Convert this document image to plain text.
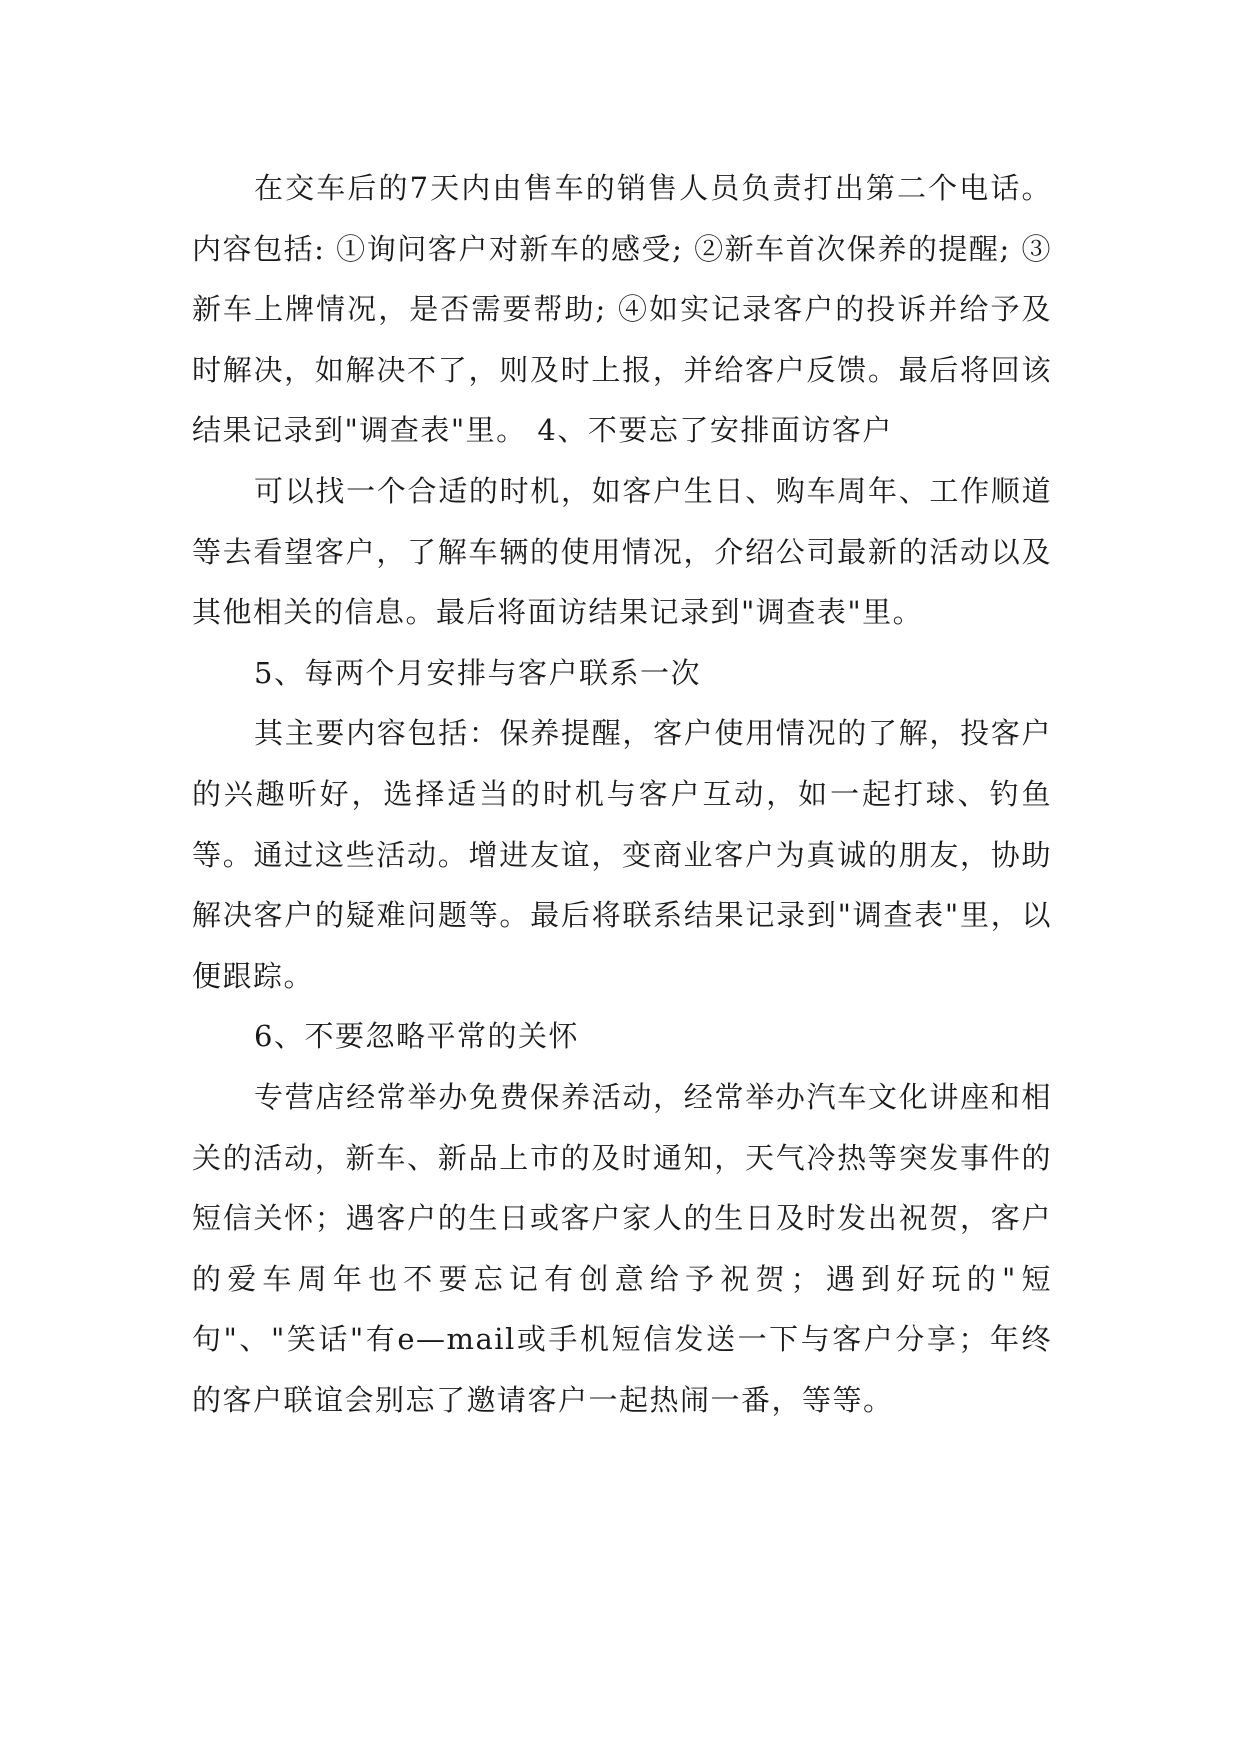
在交车后的7天内由售车的销售人员负责打出第二个电话。内容包括: ①询问客户对新车的感受; ②新车首次保养的提醒; ③新车上牌情况，是否需要帮助; ④如实记录客户的投诉并给予及时解决，如解决不了，则及时上报，并给客户反馈。最后将回该结果记录到"调查表"里。 4、不要忘了安排面访客户

可以找一个合适的时机，如客户生日、购车周年、工作顺道等去看望客户，了解车辆的使用情况，介绍公司最新的活动以及其他相关的信息。最后将面访结果记录到"调查表"里。

5、每两个月安排与客户联系一次

其主要内容包括：保养提醒，客户使用情况的了解，投客户的兴趣听好，选择适当的时机与客户互动，如一起打球、钓鱼等。通过这些活动。增进友谊，变商业客户为真诚的朋友，协助解决客户的疑难问题等。最后将联系结果记录到"调查表"里，以便跟踪。

6、不要忽略平常的关怀

专营店经常举办免费保养活动，经常举办汽车文化讲座和相关的活动，新车、新品上市的及时通知，天气冷热等突发事件的短信关怀；遇客户的生日或客户家人的生日及时发出祝贺，客户的爱车周年也不要忘记有创意给予祝贺；遇到好玩的"短句"、"笑话"有e—mail或手机短信发送一下与客户分享；年终的客户联谊会别忘了邀请客户一起热闹一番，等等。
